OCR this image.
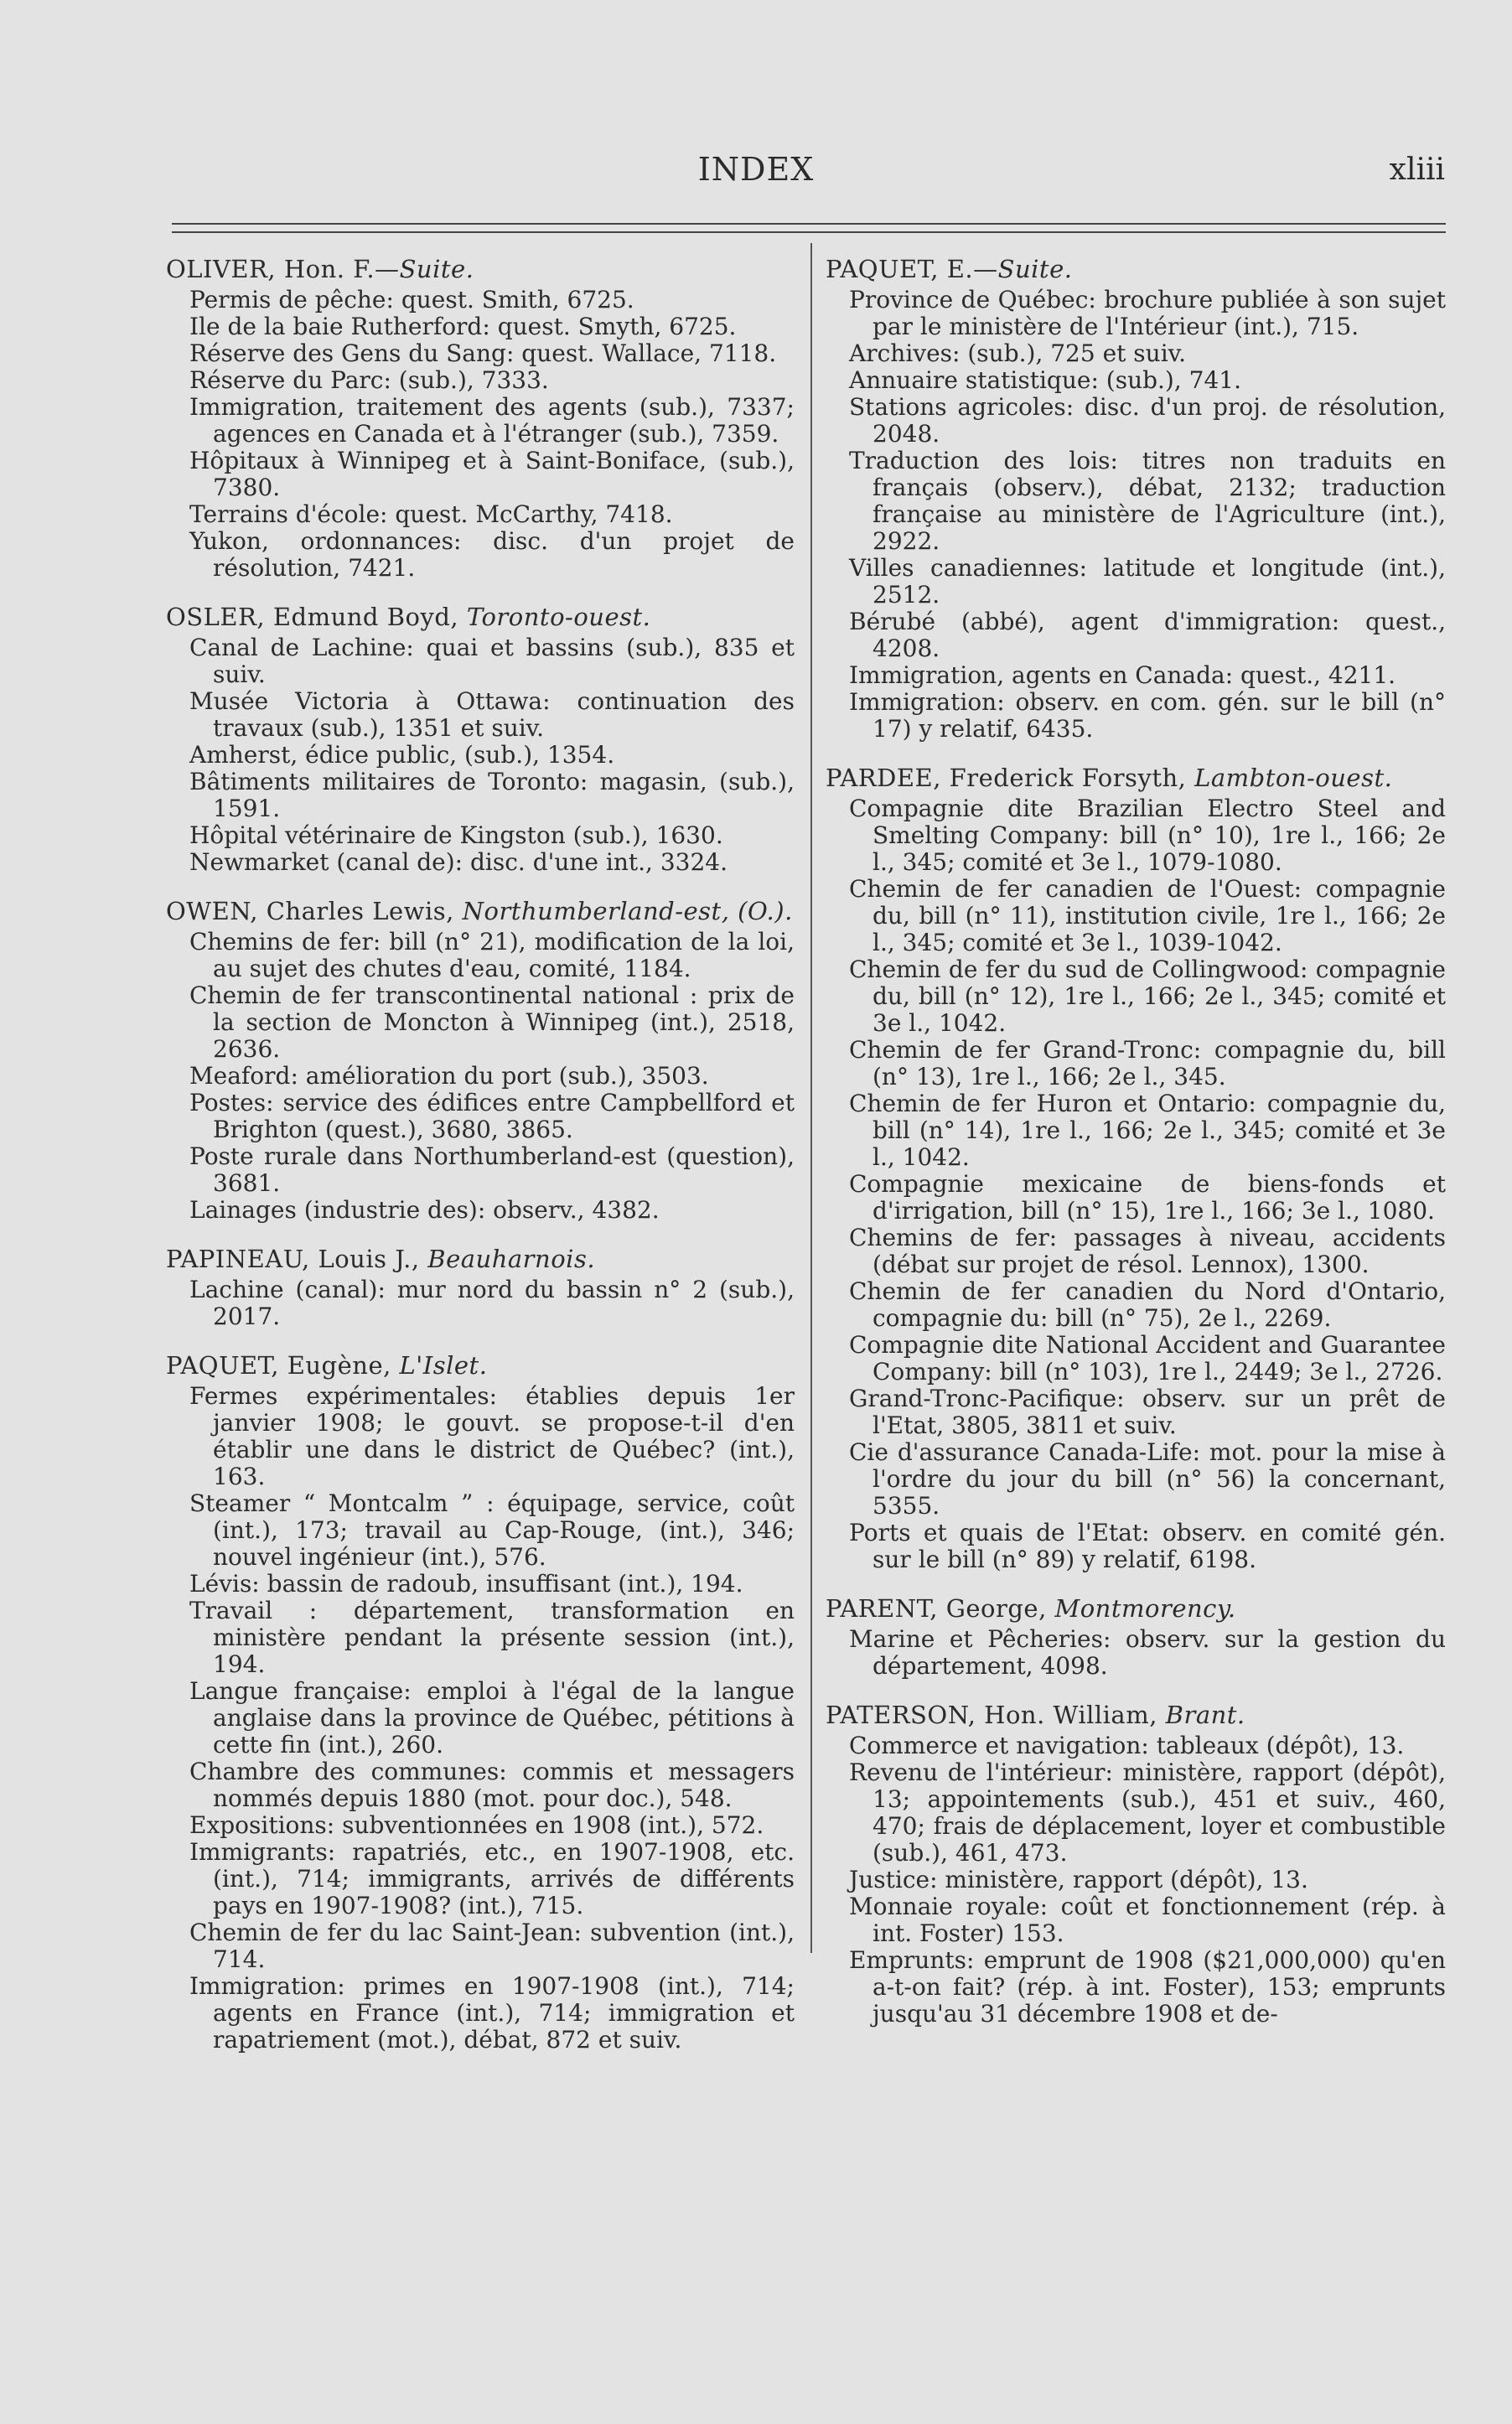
INDEX	xliii
OLIVER, Hon. F.—Suite.
Permis de pêche: quest. Smith, 6725.
Ile de la baie Rutherford: quest. Smyth, 6725.
Réserve des Gens du Sang: quest. Wallace, 7118.
Réserve du Parc: (sub.), 7333.
Immigration, traitement des agents (sub.), 7337; agences en Canada et à l'étranger (sub.), 7359.
Hôpitaux à Winnipeg et à Saint-Boniface, (sub.), 7380.
Terrains d'école: quest. McCarthy, 7418.
Yukon, ordonnances: disc. d'un projet de résolution, 7421.
OSLER, Edmund Boyd, Toronto-ouest.
Canal de Lachine: quai et bassins (sub.), 835 et suiv.
Musée Victoria à Ottawa: continuation des travaux (sub.), 1351 et suiv.
Amherst, édice public, (sub.), 1354.
Bâtiments militaires de Toronto: magasin, (sub.), 1591.
Hôpital vétérinaire de Kingston (sub.), 1630.
Newmarket (canal de): disc. d'une int., 3324.
OWEN, Charles Lewis, Northumberland-est, (O.).
Chemins de fer: bill (n° 21), modification de la loi, au sujet des chutes d'eau, comité, 1184.
Chemin de fer transcontinental national : prix de la section de Moncton à Winnipeg (int.), 2518, 2636.
Meaford: amélioration du port (sub.), 3503.
Postes: service des édifices entre Campbellford et Brighton (quest.), 3680, 3865.
Poste rurale dans Northumberland-est (question), 3681.
Lainages (industrie des): observ., 4382.
PAPINEAU, Louis J., Beauharnois.
Lachine (canal): mur nord du bassin n° 2 (sub.), 2017.
PAQUET, Eugène, L'Islet.
Fermes expérimentales: établies depuis 1er janvier 1908; le gouvt. se propose-t-il d'en établir une dans le district de Québec? (int.), 163.
Steamer “ Montcalm ” : équipage, service, coût (int.), 173; travail au Cap-Rouge, (int.), 346; nouvel ingénieur (int.), 576.
Lévis: bassin de radoub, insuffisant (int.), 194.
Travail : département, transformation en ministère pendant la présente session (int.), 194.
Langue française: emploi à l'égal de la langue anglaise dans la province de Québec, pétitions à cette fin (int.), 260.
Chambre des communes: commis et messagers nommés depuis 1880 (mot. pour doc.), 548.
Expositions: subventionnées en 1908 (int.), 572.
Immigrants: rapatriés, etc., en 1907-1908, etc. (int.), 714; immigrants, arrivés de différents pays en 1907-1908? (int.), 715.
Chemin de fer du lac Saint-Jean: subvention (int.), 714.
Immigration: primes en 1907-1908 (int.), 714; agents en France (int.), 714; immigration et rapatriement (mot.), débat, 872 et suiv.
PAQUET, E.—Suite.
Province de Québec: brochure publiée à son sujet par le ministère de l'Intérieur (int.), 715.
Archives: (sub.), 725 et suiv.
Annuaire statistique: (sub.), 741.
Stations agricoles: disc. d'un proj. de résolution, 2048.
Traduction des lois: titres non traduits en français (observ.), débat, 2132; traduction française au ministère de l'Agriculture (int.), 2922.
Villes canadiennes: latitude et longitude (int.), 2512.
Bérubé (abbé), agent d'immigration: quest., 4208.
Immigration, agents en Canada: quest., 4211.
Immigration: observ. en com. gén. sur le bill (n° 17) y relatif, 6435.
PARDEE, Frederick Forsyth, Lambton-ouest.
Compagnie dite Brazilian Electro Steel and Smelting Company: bill (n° 10), 1re l., 166; 2e l., 345; comité et 3e l., 1079-1080.
Chemin de fer canadien de l'Ouest: compagnie du, bill (n° 11), institution civile, 1re l., 166; 2e l., 345; comité et 3e l., 1039-1042.
Chemin de fer du sud de Collingwood: compagnie du, bill (n° 12), 1re l., 166; 2e l., 345; comité et 3e l., 1042.
Chemin de fer Grand-Tronc: compagnie du, bill (n° 13), 1re l., 166; 2e l., 345.
Chemin de fer Huron et Ontario: compagnie du, bill (n° 14), 1re l., 166; 2e l., 345; comité et 3e l., 1042.
Compagnie mexicaine de biens-fonds et d'irrigation, bill (n° 15), 1re l., 166; 3e l., 1080.
Chemins de fer: passages à niveau, accidents (débat sur projet de résol. Lennox), 1300.
Chemin de fer canadien du Nord d'Ontario, compagnie du: bill (n° 75), 2e l., 2269.
Compagnie dite National Accident and Guarantee Company: bill (n° 103), 1re l., 2449; 3e l., 2726.
Grand-Tronc-Pacifique: observ. sur un prêt de l'Etat, 3805, 3811 et suiv.
Cie d'assurance Canada-Life: mot. pour la mise à l'ordre du jour du bill (n° 56) la concernant, 5355.
Ports et quais de l'Etat: observ. en comité gén. sur le bill (n° 89) y relatif, 6198.
PARENT, George, Montmorency.
Marine et Pêcheries: observ. sur la gestion du département, 4098.
PATERSON, Hon. William, Brant.
Commerce et navigation: tableaux (dépôt), 13.
Revenu de l'intérieur: ministère, rapport (dépôt), 13; appointements (sub.), 451 et suiv., 460, 470; frais de déplacement, loyer et combustible (sub.), 461, 473.
Justice: ministère, rapport (dépôt), 13.
Monnaie royale: coût et fonctionnement (rép. à int. Foster) 153.
Emprunts: emprunt de 1908 ($21,000,000) qu'en a-t-on fait? (rép. à int. Foster), 153; emprunts jusqu'au 31 décembre 1908 et de-
